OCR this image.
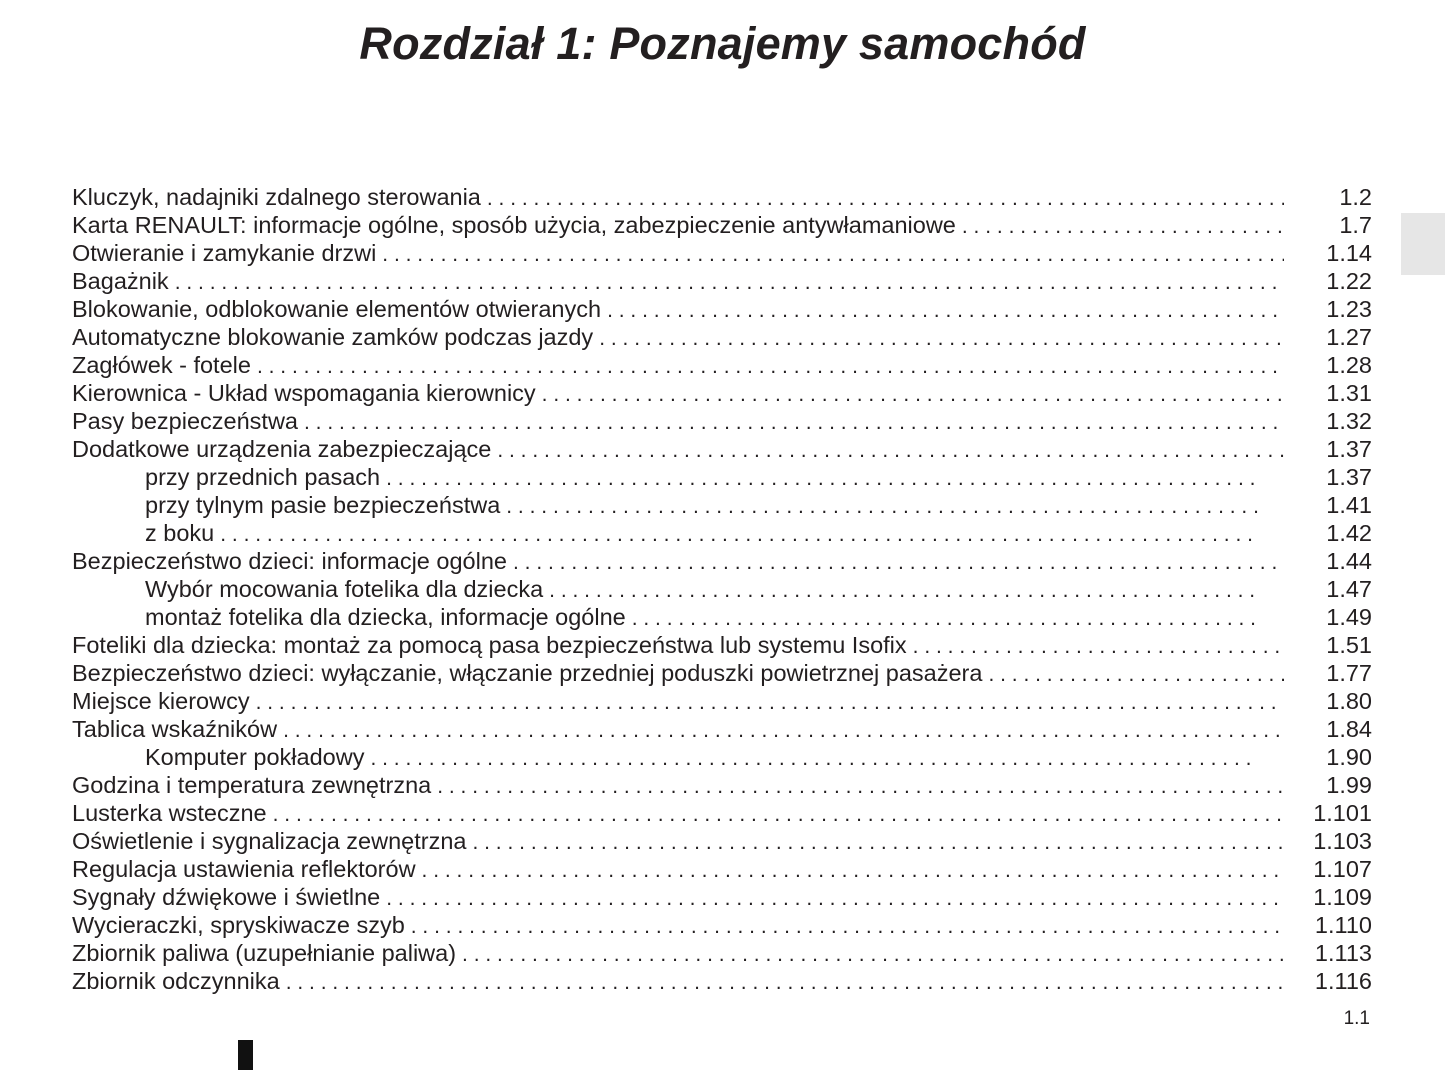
Rozdział 1: Poznajemy samochód
Kluczyk, nadajniki zdalnego sterowania . . .	1.2
Karta RENAULT: informacje ogólne, sposób użycia, zabezpieczenie antywłamaniowe . . .	1.7
Otwieranie i zamykanie drzwi . . .	1.14
Bagażnik . . .	1.22
Blokowanie, odblokowanie elementów otwieranych . . .	1.23
Automatyczne blokowanie zamków podczas jazdy . . .	1.27
Zagłówek - fotele . . .	1.28
Kierownica - Układ wspomagania kierownicy . . .	1.31
Pasy bezpieczeństwa . . .	1.32
Dodatkowe urządzenia zabezpieczające . . .	1.37
przy przednich pasach . . .	1.37
przy tylnym pasie bezpieczeństwa . . .	1.41
z boku . . .	1.42
Bezpieczeństwo dzieci: informacje ogólne . . .	1.44
Wybór mocowania fotelika dla dziecka . . .	1.47
montaż fotelika dla dziecka, informacje ogólne . . .	1.49
Foteliki dla dziecka: montaż za pomocą pasa bezpieczeństwa lub systemu Isofix . . .	1.51
Bezpieczeństwo dzieci: wyłączanie, włączanie przedniej poduszki powietrznej pasażera . . .	1.77
Miejsce kierowcy . . .	1.80
Tablica wskaźników . . .	1.84
Komputer pokładowy . . .	1.90
Godzina i temperatura zewnętrzna . . .	1.99
Lusterka wsteczne . . .	1.101
Oświetlenie i sygnalizacja zewnętrzna . . .	1.103
Regulacja ustawienia reflektorów . . .	1.107
Sygnały dźwiękowe i świetlne . . .	1.109
Wycieraczki, spryskiwacze szyb . . .	1.110
Zbiornik paliwa (uzupełnianie paliwa) . . .	1.113
Zbiornik odczynnika . . .	1.116
1.1
